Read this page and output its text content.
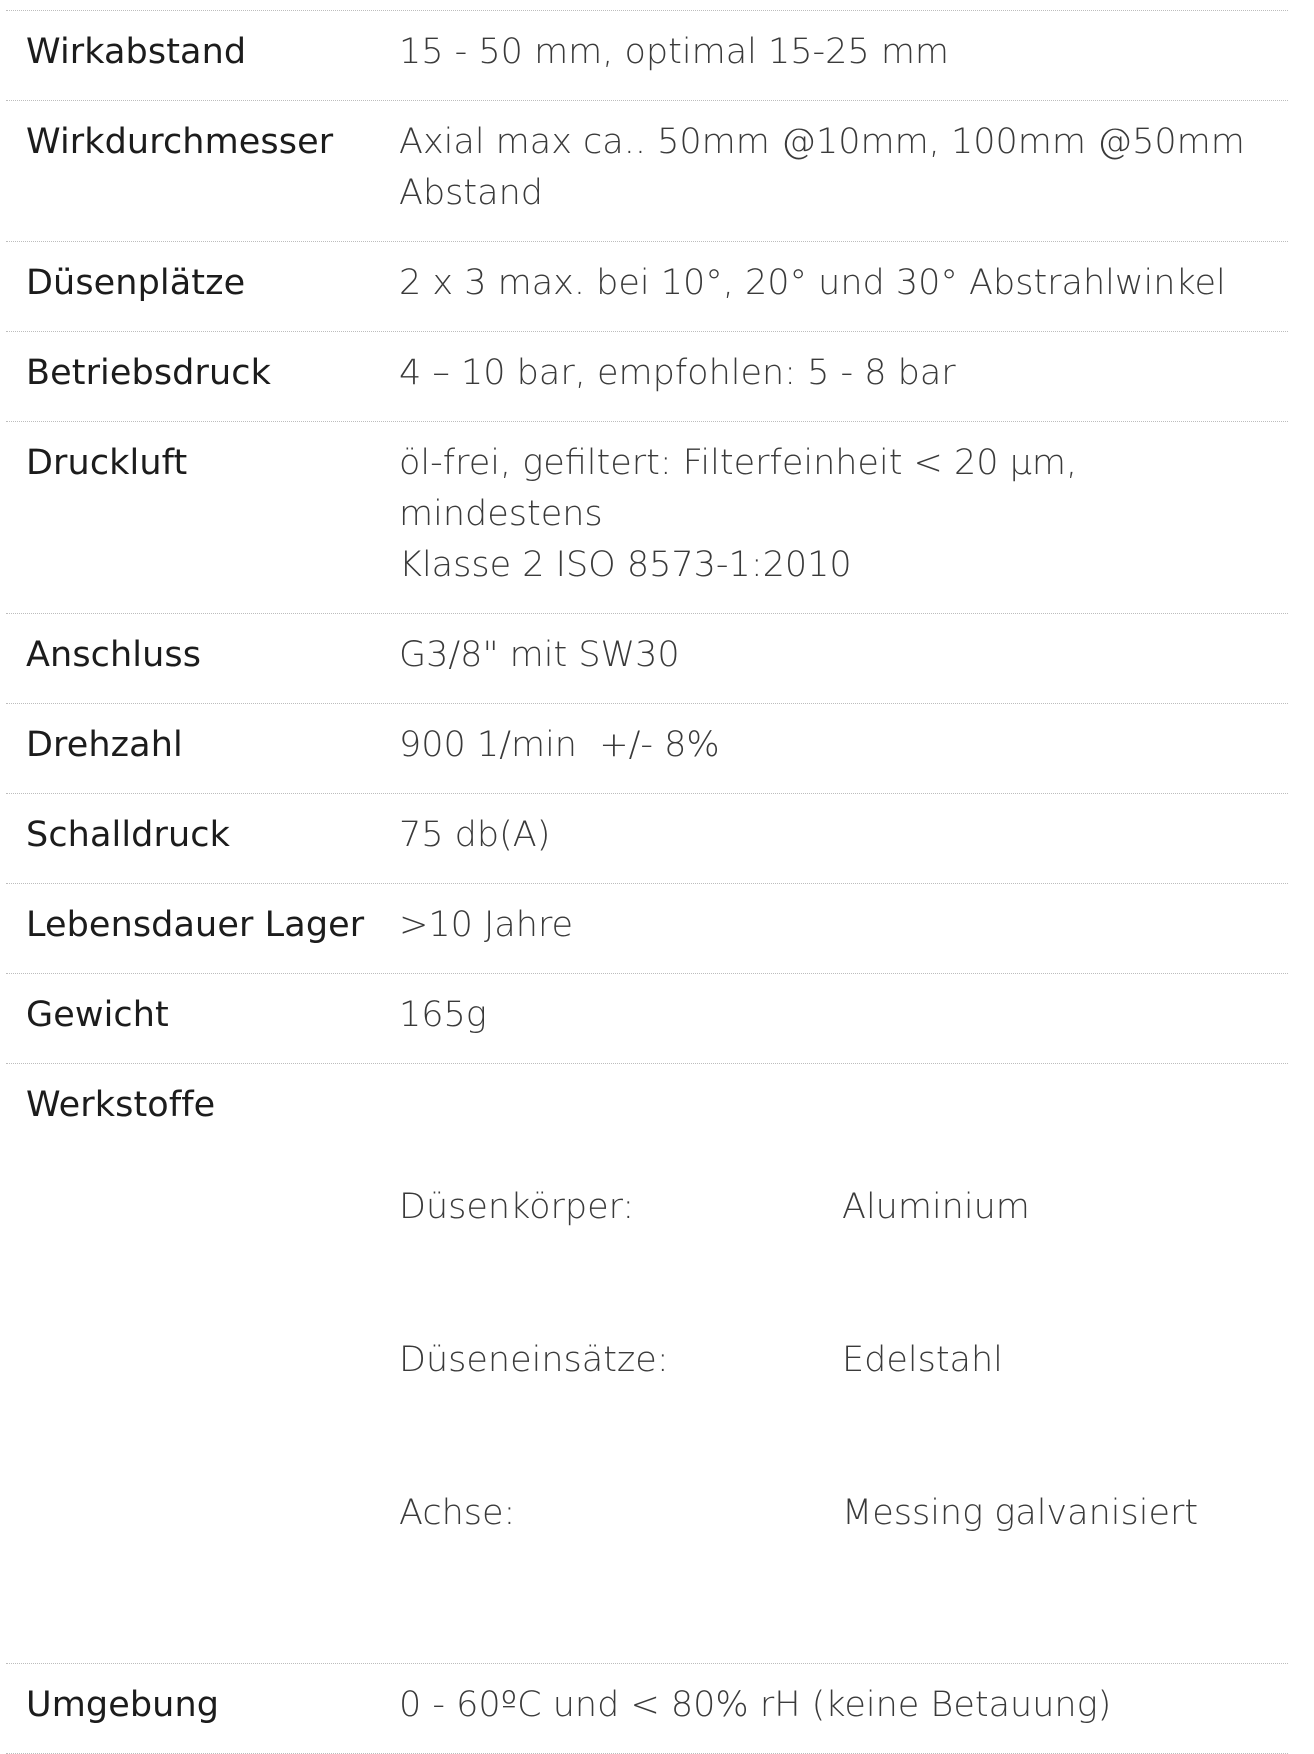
Wirkabstand	15 - 50 mm, optimal 15-25 mm
Wirkdurchmesser	Axial max ca.. 50mm @10mm, 100mm @50mm
Abstand
Düsenplätze	2 x 3 max. bei 10°, 20° und 30° Abstrahlwinkel
Betriebsdruck	4 – 10 bar, empfohlen: 5 - 8 bar
Druckluft	öl-frei, gefiltert: Filterfeinheit < 20 µm, mindestens
Klasse 2 ISO 8573-1:2010
Anschluss	G3/8" mit SW30
Drehzahl	900 1/min  +/- 8%
Schalldruck	75 db(A)
Lebensdauer Lager >10 Jahre
Gewicht	165g
Werkstoffe

Düsenkörper:	Aluminium

Düseneinsätze:	Edelstahl

Achse:	Messing galvanisiert

Umgebung	0 - 60ºC und < 80% rH (keine Betauung)
